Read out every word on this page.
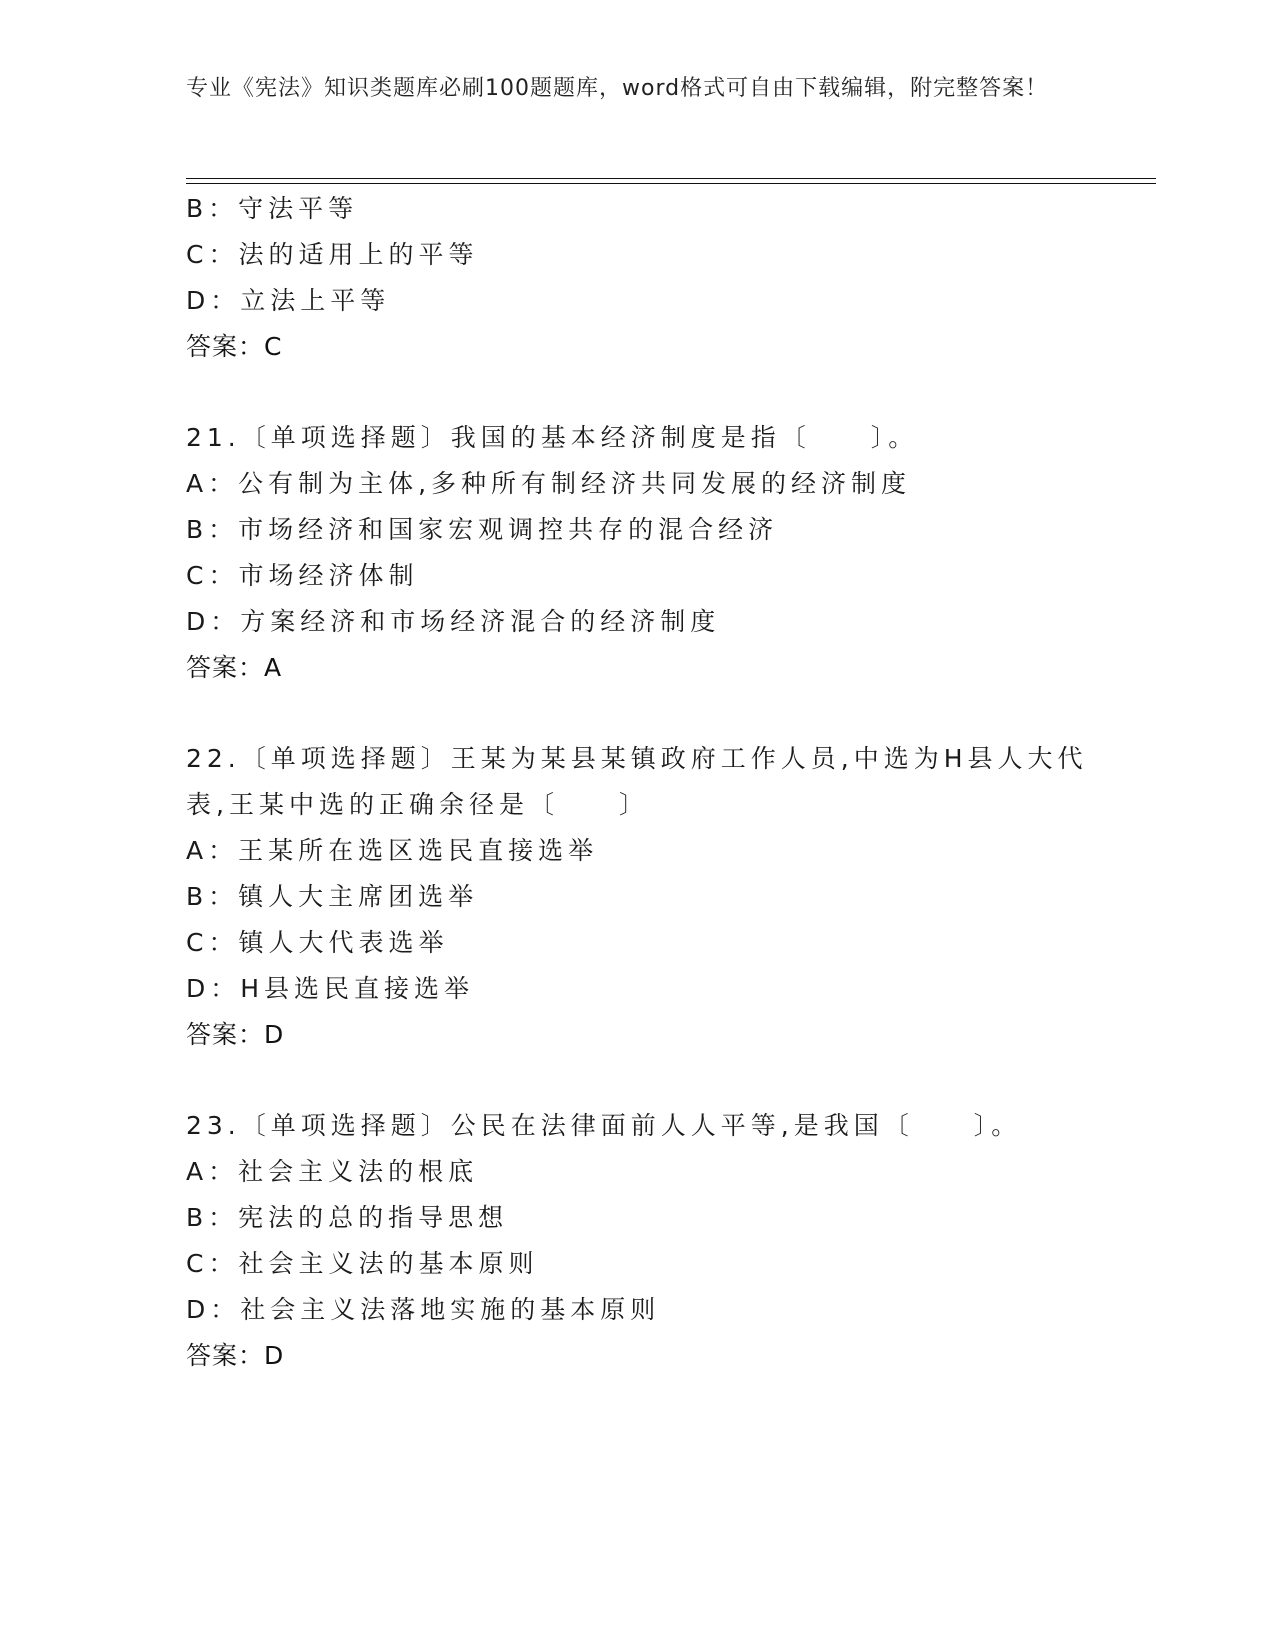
专业《宪法》知识类题库必刷100题题库，word格式可自由下载编辑，附完整答案！
B：守法平等
C：法的适用上的平等
D：立法上平等
答案：C
21.〔单项选择题〕我国的基本经济制度是指〔　　〕。
A：公有制为主体,多种所有制经济共同发展的经济制度
B：市场经济和国家宏观调控共存的混合经济
C：市场经济体制
D：方案经济和市场经济混合的经济制度
答案：A
22.〔单项选择题〕王某为某县某镇政府工作人员,中选为H县人大代
表,王某中选的正确余径是〔　　〕
A：王某所在选区选民直接选举
B：镇人大主席团选举
C：镇人大代表选举
D：H县选民直接选举
答案：D
23.〔单项选择题〕公民在法律面前人人平等,是我国〔　　〕。
A：社会主义法的根底
B：宪法的总的指导思想
C：社会主义法的基本原则
D：社会主义法落地实施的基本原则
答案：D
